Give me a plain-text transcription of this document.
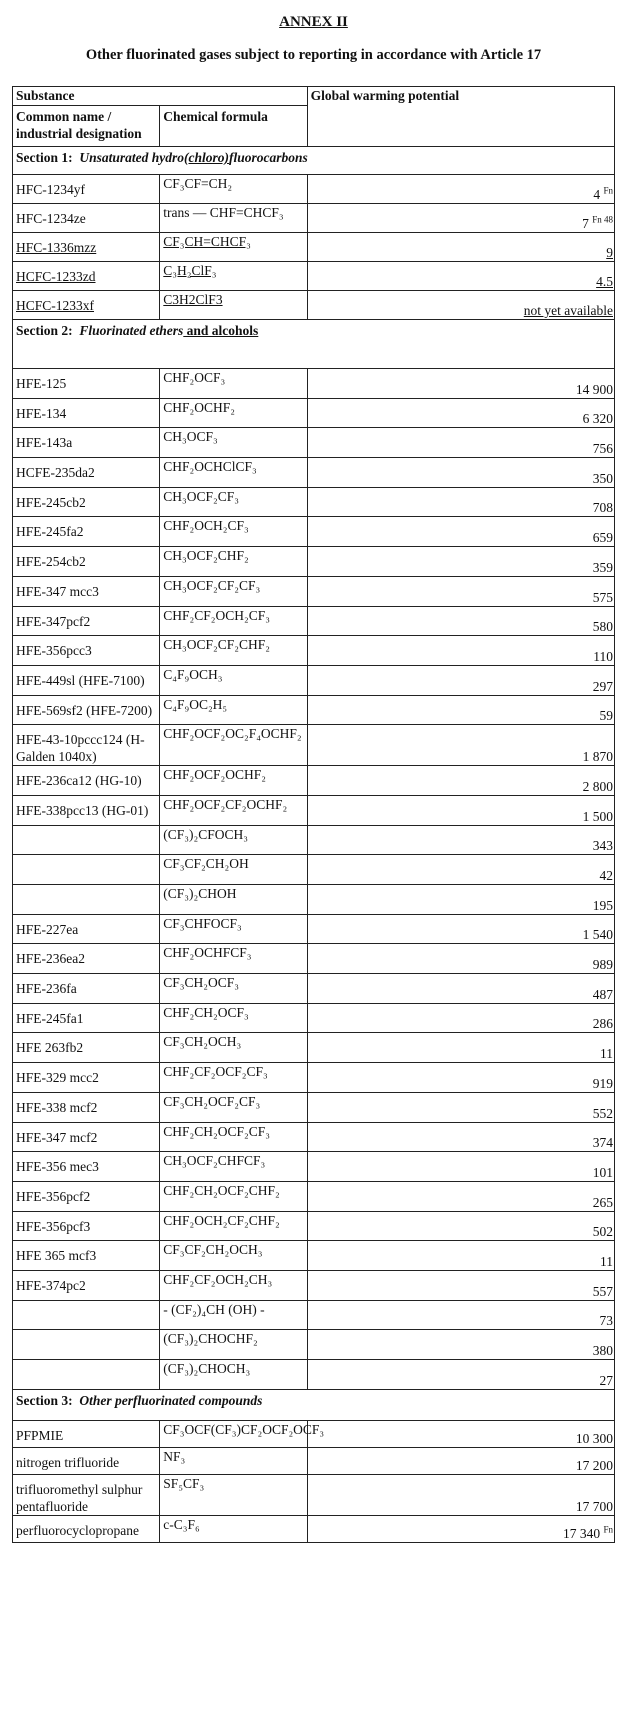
ANNEX II
Other fluorinated gases subject to reporting in accordance with Article 17
Substance		Global warming potential
Common name / industrial designation	Chemical formula	
Section 1: Unsaturated hydro(chloro)fluorocarbons		
HFC-1234yf	CF₃CF=CH₂	4 $^{Fn}$
HFC-1234ze	trans — CHF=CHCF₃	7 $^{Fn 48}$
HFC-1336mzz	CF₃CH=CHCF₃	9
HCFC-1233zd	C₃H₂ClF₃	4.5
HCFC-1233xf	C3H2ClF3	not yet available
Section 2: Fluorinated ethers and alcohols		
HFE-125	CHF₂OCF₃	14 900
HFE-134	CHF₂OCHF₂	6 320
HFE-143a	CH₃OCF₃	756
HCFE-235da2	CHF₂OCHClCF₃	350
HFE-245cb2	CH₃OCF₂CF₃	708
HFE-245fa2	CHF₂OCH₂CF₃	659
HFE-254cb2	CH₃OCF₂CHF₂	359
HFE-347 mcc3	CH₃OCF₂CF₂CF₃	575
HFE-347pcf2	CHF₂CF₂OCH₂CF₃	580
HFE-356pcc3	CH₃OCF₂CF₂CHF₂	110
HFE-449sl (HFE-7100)	C₄F₉OCH₃	297
HFE-569sf2 (HFE-7200)	C₄F₉OC₂H₅	59
HFE-43-10pccc124 (H-Galden 1040x)	CHF₂OCF₂OC₂F₄OCHF₂	1 870
HFE-236ca12 (HG-10)	CHF₂OCF₂OCHF₂	2 800
HFE-338pcc13 (HG-01)	CHF₂OCF₂CF₂OCHF₂	1 500
	(CF₃)₂CFOCH₃	343
	CF₃CF₂CH₂OH	42
	(CF₃)₂CHOH	195
HFE-227ea	CF₃CHFOCF₃	1 540
HFE-236ea2	CHF₂OCHFCF₃	989
HFE-236fa	CF₃CH₂OCF₃	487
HFE-245fa1	CHF₂CH₂OCF₃	286
HFE 263fb2	CF₃CH₂OCH₃	11
HFE-329 mcc2	CHF₂CF₂OCF₂CF₃	919
HFE-338 mcf2	CF₃CH₂OCF₂CF₃	552
HFE-347 mcf2	CHF₂CH₂OCF₂CF₃	374
HFE-356 mec3	CH₃OCF₂CHFCF₃	101
HFE-356pcf2	CHF₂CH₂OCF₂CHF₂	265
HFE-356pcf3	CHF₂OCH₂CF₂CHF₂	502
HFE 365 mcf3	CF₃CF₂CH₂OCH₃	11
HFE-374pc2	CHF₂CF₂OCH₂CH₃	557
	- (CF₂)₄CH (OH) -	73
	(CF₃)₂CHOCHF₂	380
	(CF₃)₂CHOCH₃	27
Section 3: Other perfluorinated compounds		
PFPMIE	CF₃OCF(CF₃)CF₂OCF₂OCF₃	10 300
nitrogen trifluoride	NF₃	17 200
trifluoromethyl sulphur pentafluoride	SF₅CF₃	17 700
perfluorocyclopropane	c-C₃F₆	17 340 $^{Fn}$
